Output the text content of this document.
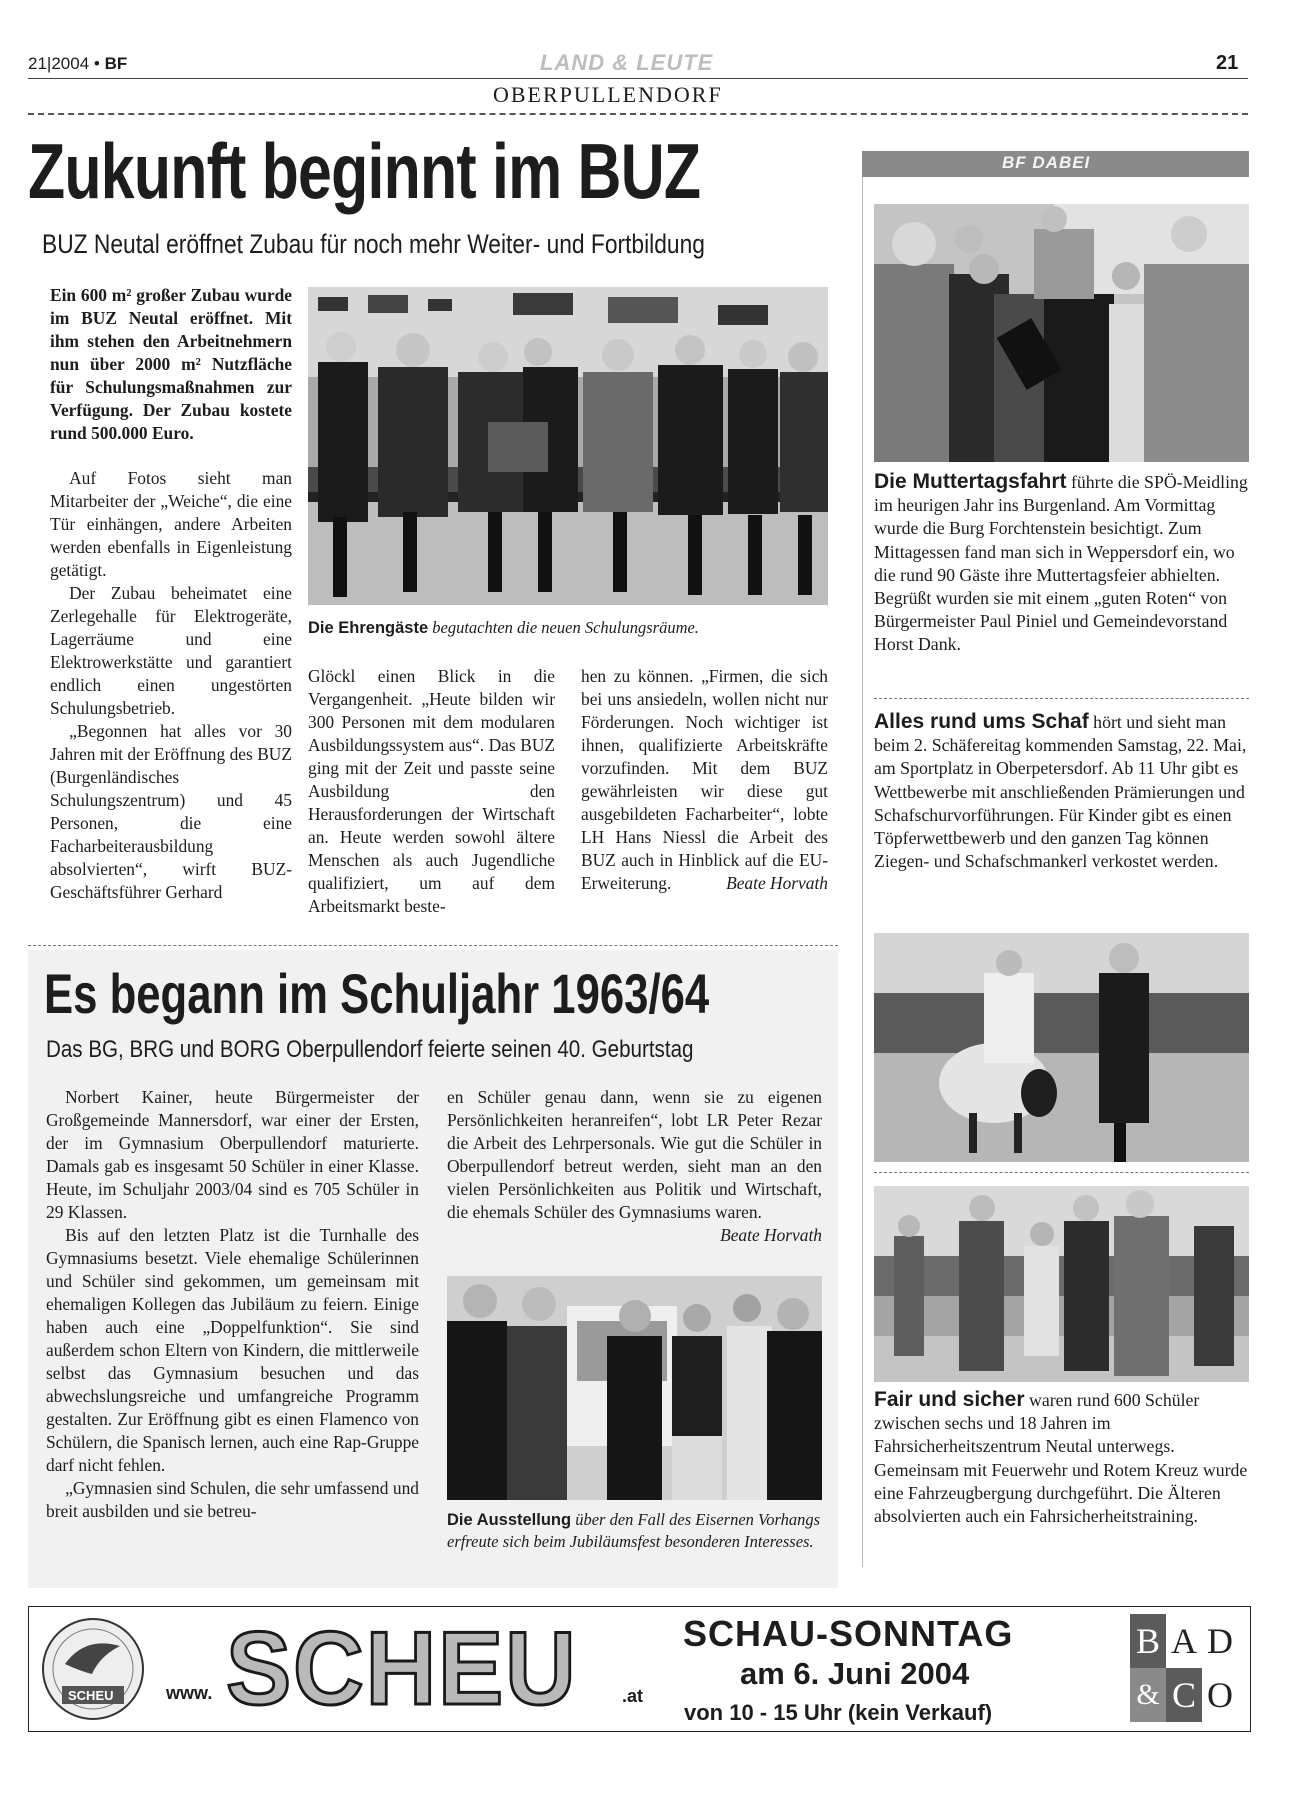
21|2004 • BF	LAND & LEUTE	21
OBERPULLENDORF
Zukunft beginnt im BUZ
BUZ Neutal eröffnet Zubau für noch mehr Weiter- und Fortbildung

Ein 600 m² großer Zubau wurde im BUZ Neutal eröffnet. Mit ihm stehen den Arbeitnehmern nun über 2000 m² Nutzfläche für Schulungsmaßnahmen zur Verfügung. Der Zubau kostete rund 500.000 Euro.

Auf Fotos sieht man Mitarbeiter der „Weiche“, die eine Tür einhängen, andere Arbeiten werden ebenfalls in Eigenleistung getätigt.

Der Zubau beheimatet eine Zerlegehalle für Elektrogeräte, Lagerräume und eine Elektrowerkstätte und garantiert endlich einen ungestörten Schulungsbetrieb.

„Begonnen hat alles vor 30 Jahren mit der Eröffnung des BUZ (Burgenländisches Schulungszentrum) und 45 Personen, die eine Facharbeiterausbildung absolvierten“, wirft BUZ-Geschäftsführer Gerhard

Die Ehrengäste begutachten die neuen Schulungsräume.

Glöckl einen Blick in die Vergangenheit. „Heute bilden wir 300 Personen mit dem modularen Ausbildungssystem aus“. Das BUZ ging mit der Zeit und passte seine Ausbildung den Herausforderungen der Wirtschaft an. Heute werden sowohl ältere Menschen als auch Jugendliche qualifiziert, um auf dem Arbeitsmarkt beste-

hen zu können. „Firmen, die sich bei uns ansiedeln, wollen nicht nur Förderungen. Noch wichtiger ist ihnen, qualifizierte Arbeitskräfte vorzufinden. Mit dem BUZ gewährleisten wir diese gut ausgebildeten Facharbeiter“, lobte LH Hans Niessl die Arbeit des BUZ auch in Hinblick auf die EU-Erweiterung.	Beate Horvath

Es begann im Schuljahr 1963/64
Das BG, BRG und BORG Oberpullendorf feierte seinen 40. Geburtstag

Norbert Kainer, heute Bürgermeister der Großgemeinde Mannersdorf, war einer der Ersten, der im Gymnasium Oberpullendorf maturierte. Damals gab es insgesamt 50 Schüler in einer Klasse. Heute, im Schuljahr 2003/04 sind es 705 Schüler in 29 Klassen.

Bis auf den letzten Platz ist die Turnhalle des Gymnasiums besetzt. Viele ehemalige Schülerinnen und Schüler sind gekommen, um gemeinsam mit ehemaligen Kollegen das Jubiläum zu feiern. Einige haben auch eine „Doppelfunktion“. Sie sind außerdem schon Eltern von Kindern, die mittlerweile selbst das Gymnasium besuchen und das abwechslungsreiche und umfangreiche Programm gestalten. Zur Eröffnung gibt es einen Flamenco von Schülern, die Spanisch lernen, auch eine Rap-Gruppe darf nicht fehlen.

„Gymnasien sind Schulen, die sehr umfassend und breit ausbilden und sie betreu-

en Schüler genau dann, wenn sie zu eigenen Persönlichkeiten heranreifen“, lobt LR Peter Rezar die Arbeit des Lehrpersonals. Wie gut die Schüler in Oberpullendorf betreut werden, sieht man an den vielen Persönlichkeiten aus Politik und Wirtschaft, die ehemals Schüler des Gymnasiums waren.

Beate Horvath

Die Ausstellung über den Fall des Eisernen Vorhangs erfreute sich beim Jubiläumsfest besonderen Interesses.
BF DABEI
Die Muttertagsfahrt führte die SPÖ-Meidling im heurigen Jahr ins Burgenland. Am Vormittag wurde die Burg Forchtenstein besichtigt. Zum Mittagessen fand man sich in Weppersdorf ein, wo die rund 90 Gäste ihre Muttertagsfeier abhielten. Begrüßt wurden sie mit einem „guten Roten“ von Bürgermeister Paul Piniel und Gemeindevorstand Horst Dank.
Alles rund ums Schaf hört und sieht man beim 2. Schäfereitag kommenden Samstag, 22. Mai, am Sportplatz in Oberpetersdorf. Ab 11 Uhr gibt es Wettbewerbe mit anschließenden Prämierungen und Schafschurvorführungen. Für Kinder gibt es einen Töpferwettbewerb und den ganzen Tag können Ziegen- und Schafschmankerl verkostet werden.
Fair und sicher waren rund 600 Schüler zwischen sechs und 18 Jahren im Fahrsicherheitszentrum Neutal unterwegs. Gemeinsam mit Feuerwehr und Rotem Kreuz wurde eine Fahrzeugbergung durchgeführt. Die Älteren absolvierten auch ein Fahrsicherheitstraining.
SCHEU	www. SCHEU .at
SCHAU-SONNTAG
am 6. Juni 2004
von 10 - 15 Uhr (kein Verkauf)
B A D
& C O
